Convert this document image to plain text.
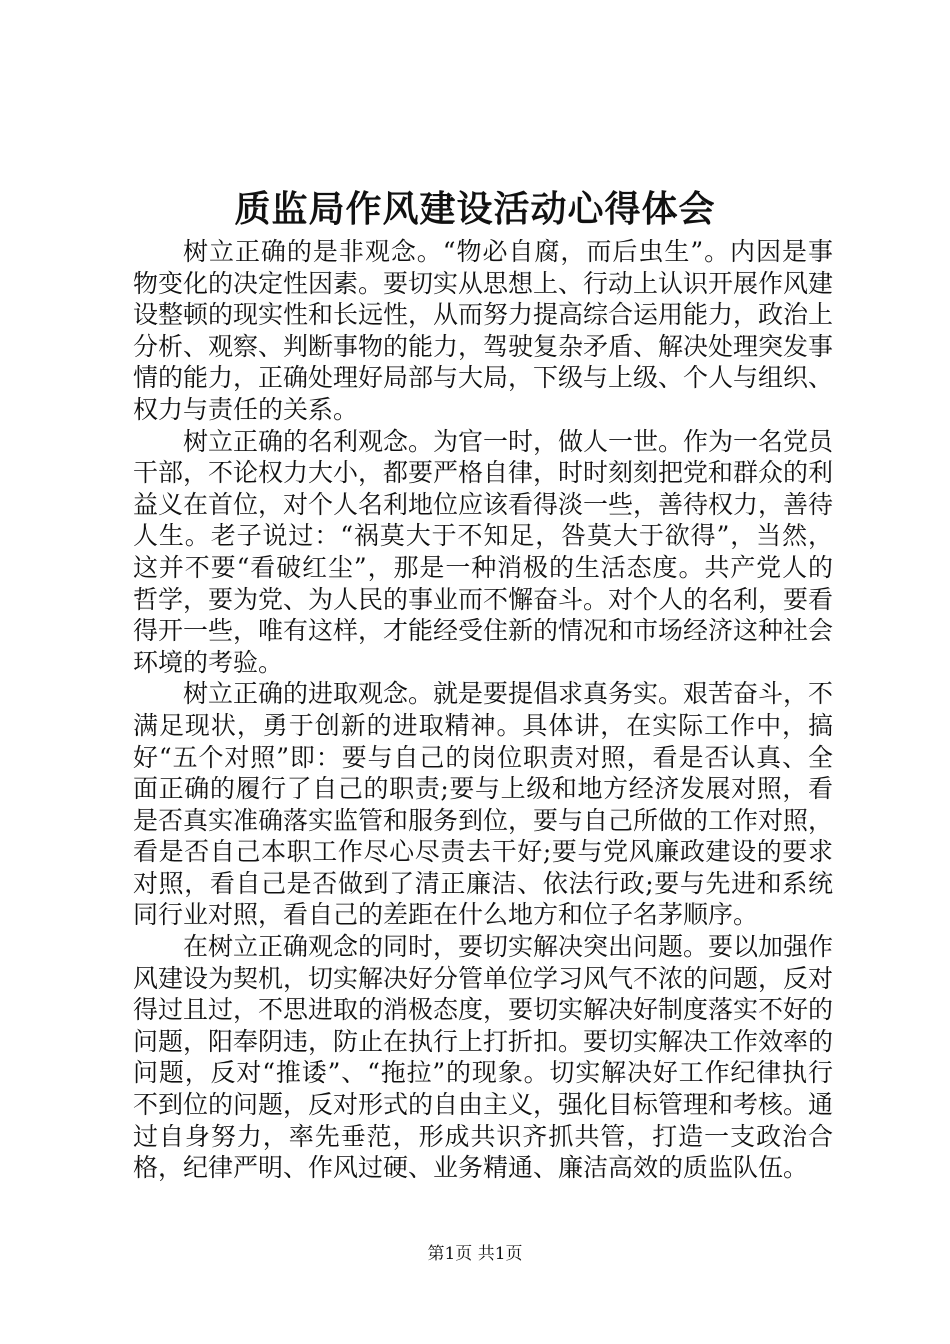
质监局作风建设活动心得体会

树立正确的是非观念。“物必自腐，而后虫生”。内因是事物变化的决定性因素。要切实从思想上、行动上认识开展作风建设整顿的现实性和长远性，从而努力提高综合运用能力，政治上分析、观察、判断事物的能力，驾驶复杂矛盾、解决处理突发事情的能力，正确处理好局部与大局，下级与上级、个人与组织、权力与责任的关系。

树立正确的名利观念。为官一时，做人一世。作为一名党员干部，不论权力大小，都要严格自律，时时刻刻把党和群众的利益义在首位，对个人名利地位应该看得淡一些，善待权力，善待人生。老子说过：“祸莫大于不知足，咎莫大于欲得”，当然，这并不要“看破红尘”，那是一种消极的生活态度。共产党人的哲学，要为党、为人民的事业而不懈奋斗。对个人的名利，要看得开一些，唯有这样，才能经受住新的情况和市场经济这种社会环境的考验。

树立正确的进取观念。就是要提倡求真务实。艰苦奋斗，不满足现状，勇于创新的进取精神。具体讲，在实际工作中，搞好“五个对照”即：要与自己的岗位职责对照，看是否认真、全面正确的履行了自己的职责;要与上级和地方经济发展对照，看是否真实准确落实监管和服务到位，要与自己所做的工作对照，看是否自己本职工作尽心尽责去干好;要与党风廉政建设的要求对照，看自己是否做到了清正廉洁、依法行政;要与先进和系统同行业对照，看自己的差距在什么地方和位子名茅顺序。

在树立正确观念的同时，要切实解决突出问题。要以加强作风建设为契机，切实解决好分管单位学习风气不浓的问题，反对得过且过，不思进取的消极态度，要切实解决好制度落实不好的问题，阳奉阴违，防止在执行上打折扣。要切实解决工作效率的问题，反对“推诿”、“拖拉”的现象。切实解决好工作纪律执行不到位的问题，反对形式的自由主义，强化目标管理和考核。通过自身努力，率先垂范，形成共识齐抓共管，打造一支政治合格，纪律严明、作风过硬、业务精通、廉洁高效的质监队伍。

第1页 共1页
